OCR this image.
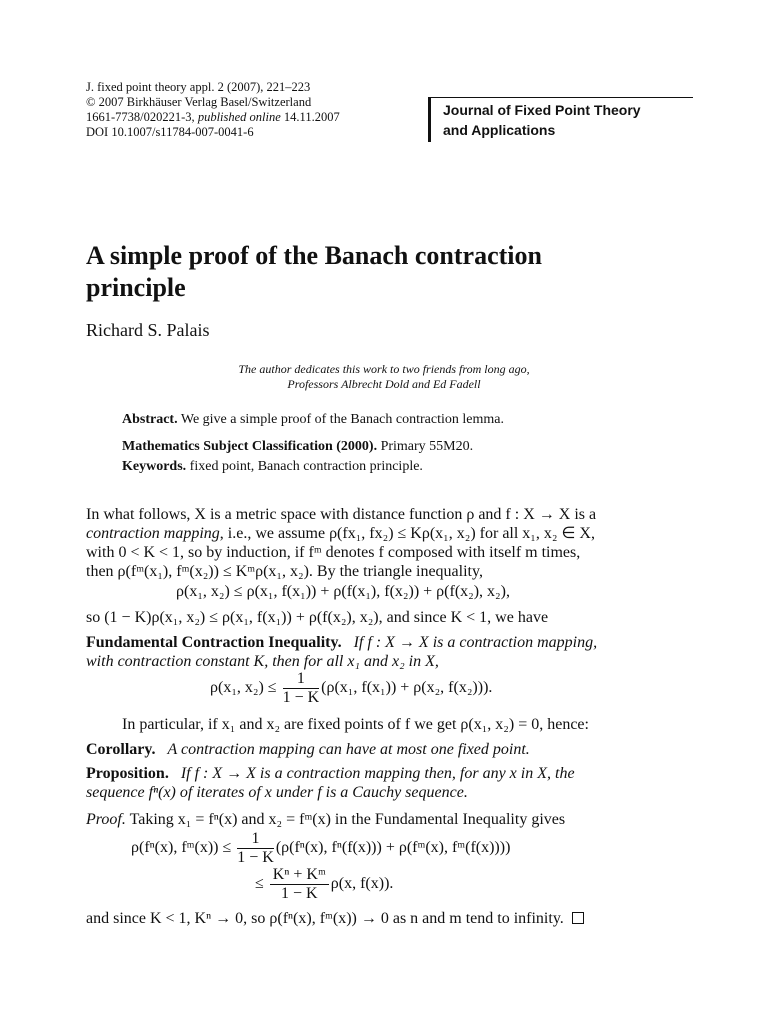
J. fixed point theory appl. 2 (2007), 221–223
© 2007 Birkhäuser Verlag Basel/Switzerland
1661-7738/020221-3, published online 14.11.2007
DOI 10.1007/s11784-007-0041-6
Journal of Fixed Point Theory
and Applications
A simple proof of the Banach contraction
principle
Richard S. Palais
The author dedicates this work to two friends from long ago,
Professors Albrecht Dold and Ed Fadell
Abstract. We give a simple proof of the Banach contraction lemma.
Mathematics Subject Classification (2000). Primary 55M20.
Keywords. fixed point, Banach contraction principle.
In what follows, X is a metric space with distance function ρ and f : X → X is a
contraction mapping, i.e., we assume ρ(fx₁, fx₂) ≤ Kρ(x₁, x₂) for all x₁, x₂ ∈ X,
with 0 < K < 1, so by induction, if fᵐ denotes f composed with itself m times,
then ρ(fᵐ(x₁), fᵐ(x₂)) ≤ Kᵐρ(x₁, x₂). By the triangle inequality,
ρ(x₁, x₂) ≤ ρ(x₁, f(x₁)) + ρ(f(x₁), f(x₂)) + ρ(f(x₂), x₂),
so (1 − K)ρ(x₁, x₂) ≤ ρ(x₁, f(x₁)) + ρ(f(x₂), x₂), and since K < 1, we have
Fundamental Contraction Inequality. If f : X → X is a contraction mapping,
with contraction constant K, then for all x₁ and x₂ in X,
ρ(x₁, $x_2) \le \frac{1}{1 - K} (\rho(x_1$, f(x₁)) + ρ(x₂, f(x₂))).
In particular, if x₁ and x₂ are fixed points of f we get ρ(x₁, x₂) = 0, hence:
Corollary. A contraction mapping can have at most one fixed point.
Proposition. If f : X → X is a contraction mapping then, for any x in X, the
sequence fⁿ(x) of iterates of x under f is a Cauchy sequence.
Proof. Taking x₁ = fⁿ(x) and x₂ = fᵐ(x) in the Fundamental Inequality gives
ρ(fⁿ(x), fᵐ(x)) ≤ $\frac{1}{1 - K} (\rho(f^n(x)$, fⁿ(f(x))) + ρ(fᵐ(x), fᵐ(f(x))))
≤ $\frac{\text{Kⁿ + Kᵐ}}{1 - K} \rho(x$, f(x)).
and since K < 1, Kⁿ → 0, so ρ(fⁿ(x), fᵐ(x)) → 0 as n and m tend to infinity.
